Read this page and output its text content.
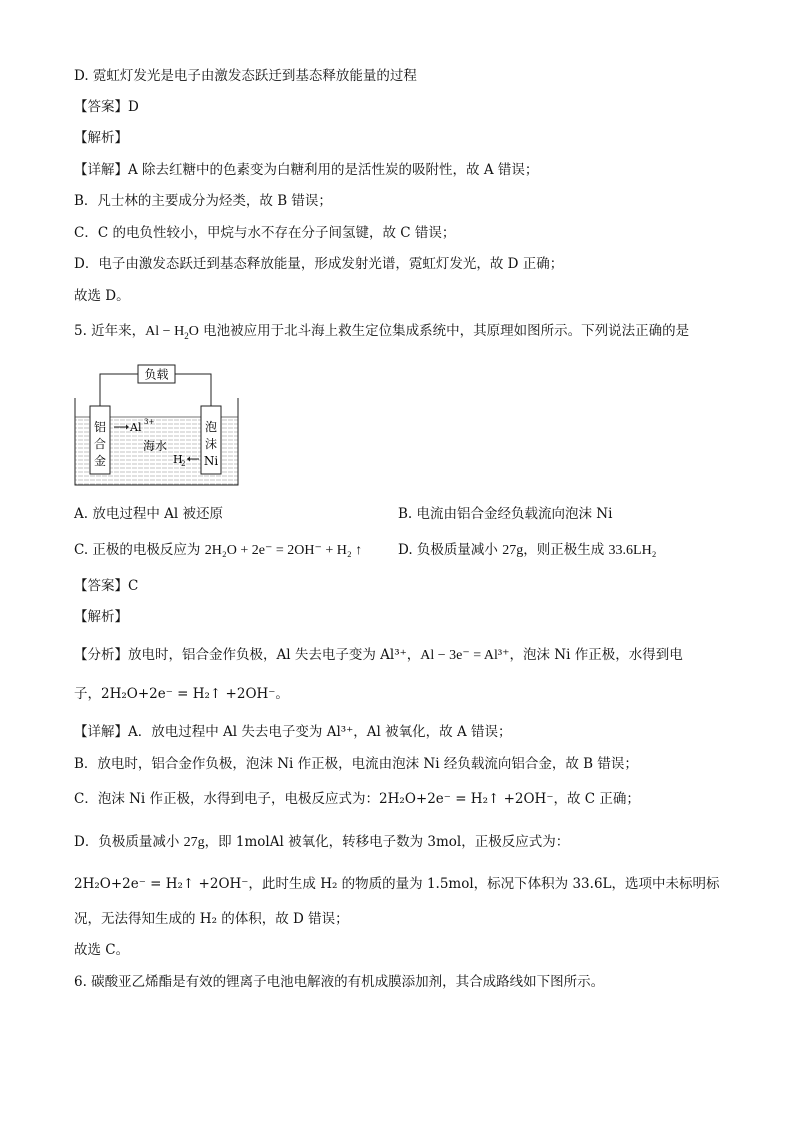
D. 霓虹灯发光是电子由激发态跃迁到基态释放能量的过程
【答案】D
【解析】
【详解】A 除去红糖中的色素变为白糖利用的是活性炭的吸附性，故 A 错误；
B．凡士林的主要成分为烃类，故 B 错误；
C．C 的电负性较小，甲烷与水不存在分子间氢键，故 C 错误；
D．电子由激发态跃迁到基态释放能量，形成发射光谱，霓虹灯发光，故 D 正确；
故选 D。
5. 近年来，$Al - H_2O$ 电池被应用于北斗海上救生定位集成系统中，其原理如图所示。下列说法正确的是
负载
铝
合
金
泡
沫
Ni
Al 3+
海水
H
2
A. 放电过程中 Al 被还原	B. 电流由铝合金经负载流向泡沫 Ni
C. 正极的电极反应为 2H₂O + 2e⁻ = 2OH⁻ + H₂ ↑	D. 负极质量减小 27g，则正极生成 33.6LH₂
【答案】C
【解析】
【分析】放电时，铝合金作负极，Al 失去电子变为 Al³⁺，Al − 3e⁻ = Al³⁺，泡沫 Ni 作正极，水得到电
子，2H₂O+2e⁻ = H₂↑ +2OH⁻。
【详解】A．放电过程中 Al 失去电子变为 Al³⁺，Al 被氧化，故 A 错误；
B．放电时，铝合金作负极，泡沫 Ni 作正极，电流由泡沫 Ni 经负载流向铝合金，故 B 错误；
C．泡沫 Ni 作正极，水得到电子，电极反应式为：2H₂O+2e⁻ = H₂↑ +2OH⁻，故 C 正确；
D．负极质量减小 27g，即 1molAl 被氧化，转移电子数为 3mol，正极反应式为：
2H₂O+2e⁻ = H₂↑ +2OH⁻，此时生成 H₂ 的物质的量为 1.5mol，标况下体积为 33.6L，选项中未标明标
况，无法得知生成的 H₂ 的体积，故 D 错误；
故选 C。
6. 碳酸亚乙烯酯是有效的锂离子电池电解液的有机成膜添加剂，其合成路线如下图所示。
